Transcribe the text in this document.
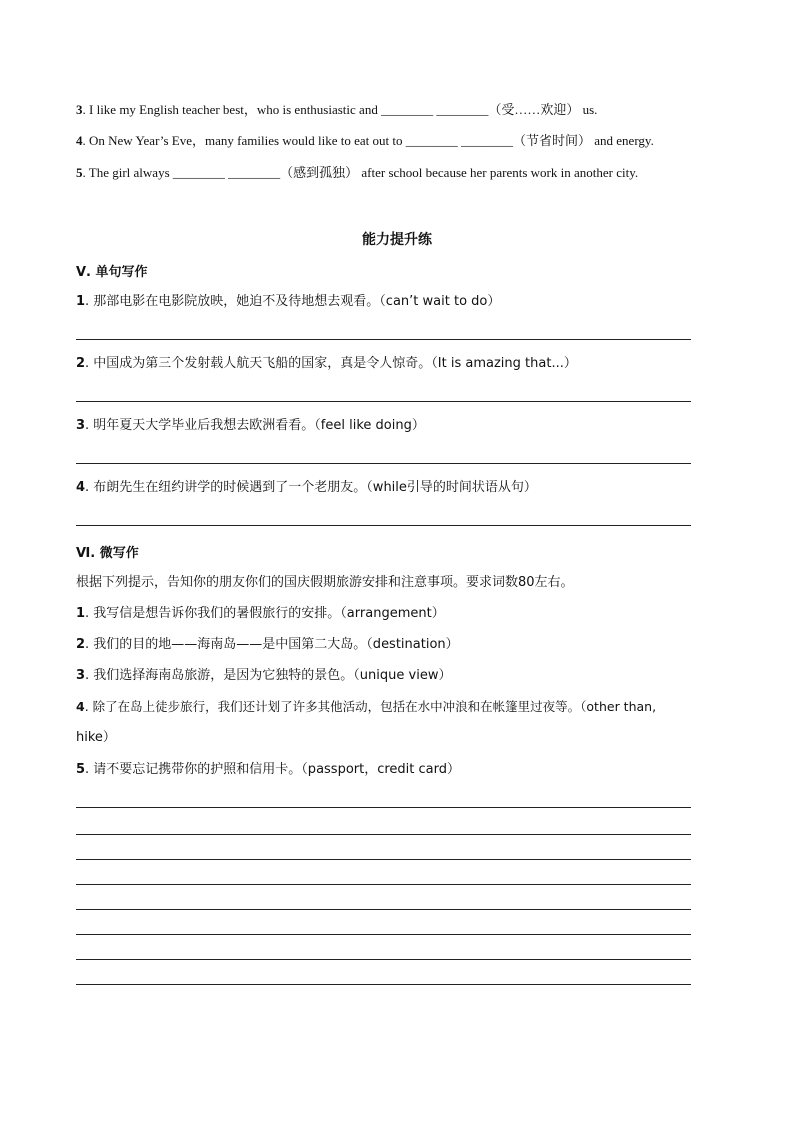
3. I like my English teacher best，who is enthusiastic and ________ ________（受……欢迎） us.
4. On New Year’s Eve，many families would like to eat out to ________ ________（节省时间） and energy.
5. The girl always ________ ________（感到孤独） after school because her parents work in another city.
能力提升练
Ⅴ. 单句写作
1. 那部电影在电影院放映，她迫不及待地想去观看。（can’t wait to do）
2. 中国成为第三个发射载人航天飞船的国家，真是令人惊奇。（It is amazing that...）
3. 明年夏天大学毕业后我想去欧洲看看。（feel like doing）
4. 布朗先生在纽约讲学的时候遇到了一个老朋友。（while引导的时间状语从句）
Ⅵ. 微写作
根据下列提示，告知你的朋友你们的国庆假期旅游安排和注意事项。要求词数80左右。
1. 我写信是想告诉你我们的暑假旅行的安排。（arrangement）
2. 我们的目的地——海南岛——是中国第二大岛。（destination）
3. 我们选择海南岛旅游，是因为它独特的景色。（unique view）
4. 除了在岛上徒步旅行，我们还计划了许多其他活动，包括在水中冲浪和在帐篷里过夜等。（other than,
hike）
5. 请不要忘记携带你的护照和信用卡。（passport，credit card）
